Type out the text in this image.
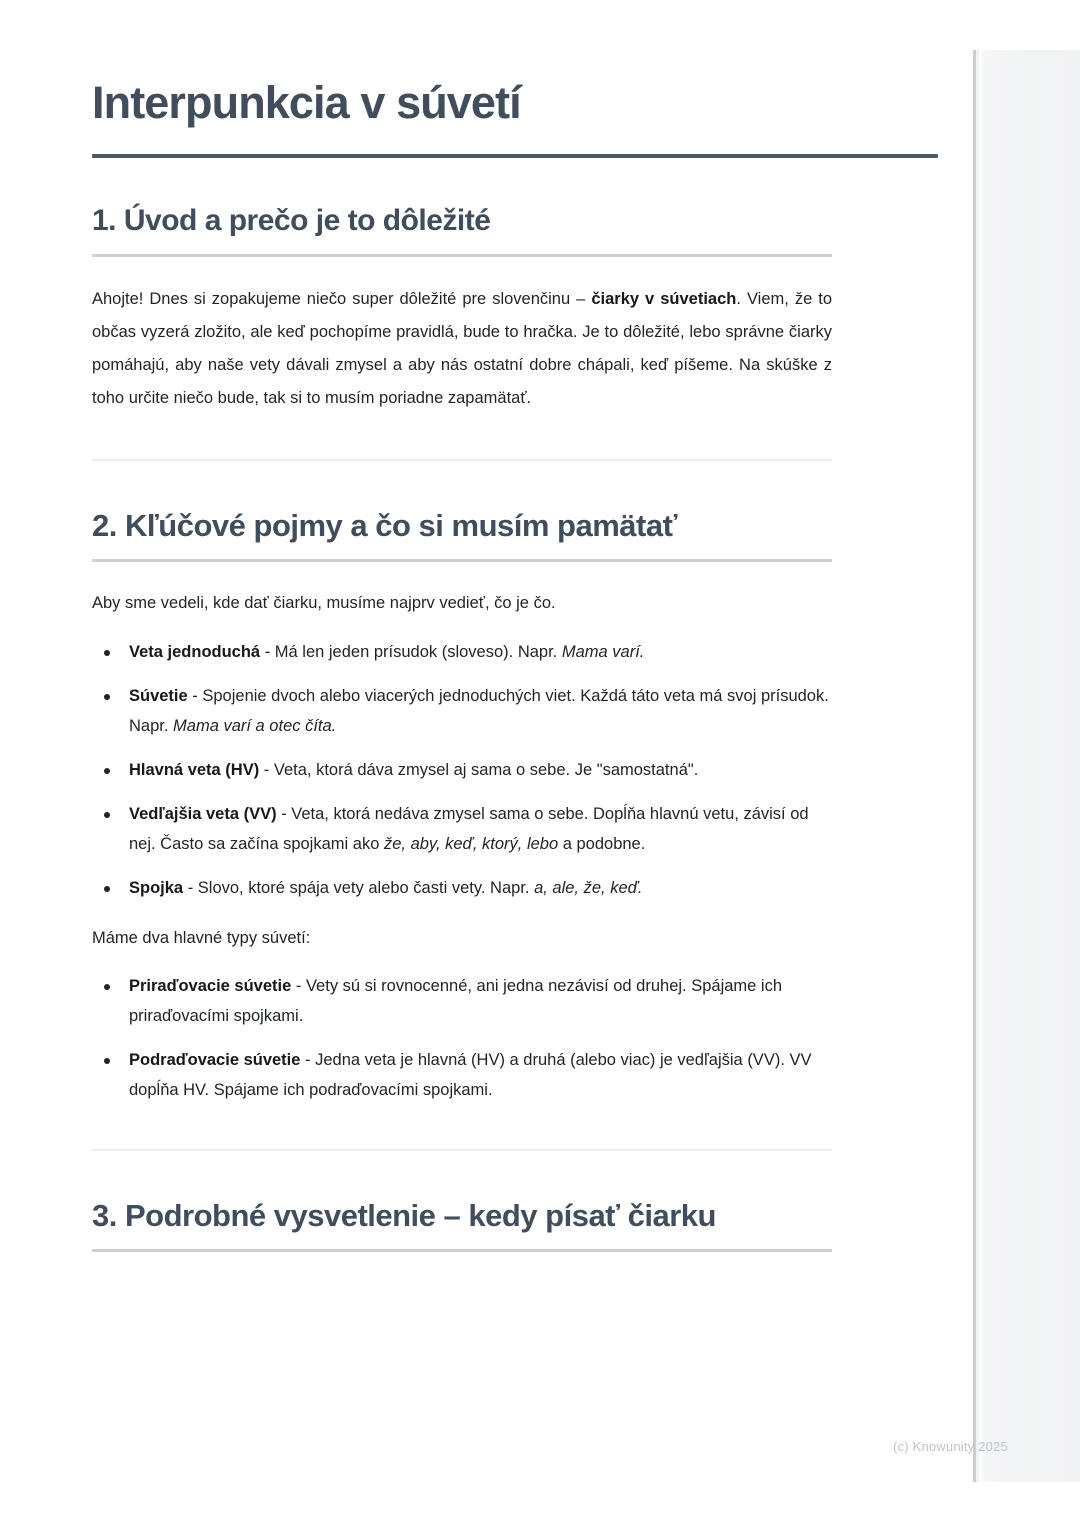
Interpunkcia v súvetí
1. Úvod a prečo je to dôležité

Ahojte! Dnes si zopakujeme niečo super dôležité pre slovenčinu – čiarky v súvetiach. Viem, že to občas vyzerá zložito, ale keď pochopíme pravidlá, bude to hračka. Je to dôležité, lebo správne čiarky pomáhajú, aby naše vety dávali zmysel a aby nás ostatní dobre chápali, keď píšeme. Na skúške z toho určite niečo bude, tak si to musím poriadne zapamätať.

2. Kľúčové pojmy a čo si musím pamätať

Aby sme vedeli, kde dať čiarku, musíme najprv vedieť, čo je čo.

Veta jednoduchá - Má len jeden prísudok (sloveso). Napr. Mama varí.
Súvetie - Spojenie dvoch alebo viacerých jednoduchých viet. Každá táto veta má svoj prísudok. Napr. Mama varí a otec číta.
Hlavná veta (HV) - Veta, ktorá dáva zmysel aj sama o sebe. Je "samostatná".
Vedľajšia veta (VV) - Veta, ktorá nedáva zmysel sama o sebe. Dopĺňa hlavnú vetu, závisí od nej. Často sa začína spojkami ako že, aby, keď, ktorý, lebo a podobne.
Spojka - Slovo, ktoré spája vety alebo časti vety. Napr. a, ale, že, keď.

Máme dva hlavné typy súvetí:

Priraďovacie súvetie - Vety sú si rovnocenné, ani jedna nezávisí od druhej. Spájame ich priraďovacími spojkami.
Podraďovacie súvetie - Jedna veta je hlavná (HV) a druhá (alebo viac) je vedľajšia (VV). VV dopĺňa HV. Spájame ich podraďovacími spojkami.
3. Podrobné vysvetlenie – kedy písať čiarku
(c) Knowunity 2025
